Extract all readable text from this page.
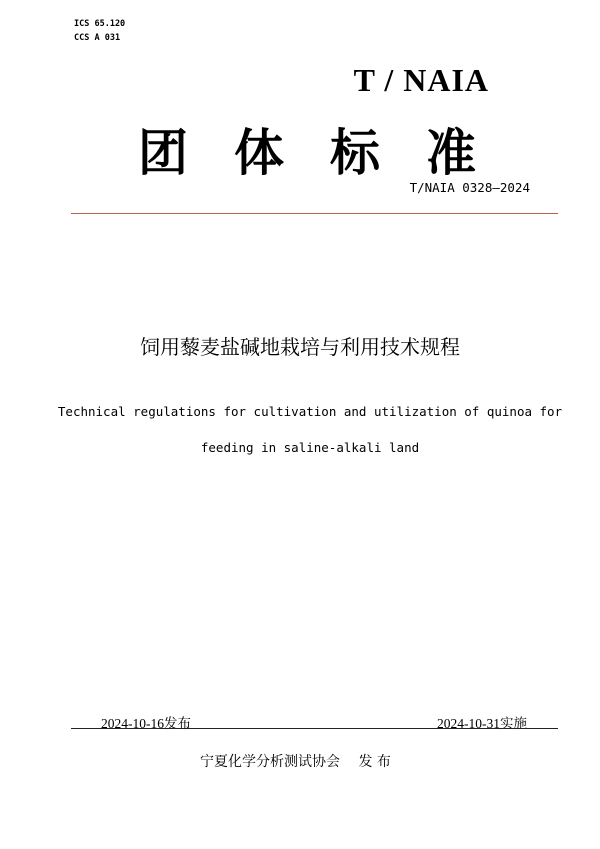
ICS 65.120
CCS A 031
T / NAIA
团体标准
T/NAIA 0328—2024
饲用藜麦盐碱地栽培与利用技术规程
Technical regulations for cultivation and utilization of quinoa for
feeding in saline-alkali land
2024-10-16发布	2024-10-31实施
宁夏化学分析测试协会　 发 布
